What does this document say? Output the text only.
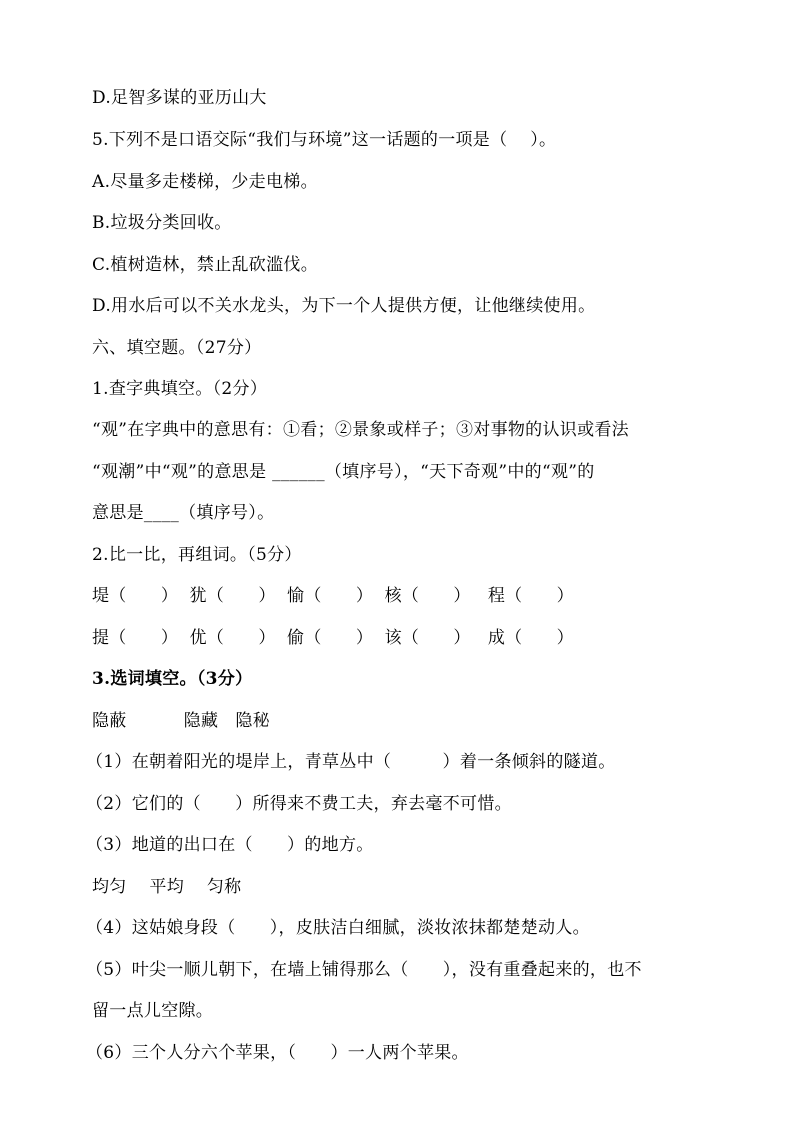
D.足智多谋的亚历山大
5.下列不是口语交际“我们与环境”这一话题的一项是（    ）。
A.尽量多走楼梯，少走电梯。
B.垃圾分类回收。
C.植树造林，禁止乱砍滥伐。
D.用水后可以不关水龙头，为下一个人提供方便，让他继续使用。
六、填空题。（27分）
1.查字典填空。（2分）
“观”在字典中的意思有：①看；②景象或样子；③对事物的认识或看法
“观潮”中“观”的意思是 ______（填序号），“天下奇观”中的“观”的
意思是____（填序号）。
2.比一比，再组词。（5分）
堤（      ）  犹（      ）  愉（      ）  核（      ）   程（      ）
提（      ）  优（      ）  偷（      ）  该（      ）   成（      ）
3.选词填空。（3分）
隐蔽          隐藏   隐秘
（1）在朝着阳光的堤岸上，青草丛中（         ）着一条倾斜的隧道。
（2）它们的（      ）所得来不费工夫，弃去毫不可惜。
（3）地道的出口在（      ）的地方。
均匀    平均    匀称
（4）这姑娘身段（      ），皮肤洁白细腻，淡妆浓抹都楚楚动人。
（5）叶尖一顺儿朝下，在墙上铺得那么（      ），没有重叠起来的，也不
留一点儿空隙。
（6）三个人分六个苹果，（      ）一人两个苹果。
